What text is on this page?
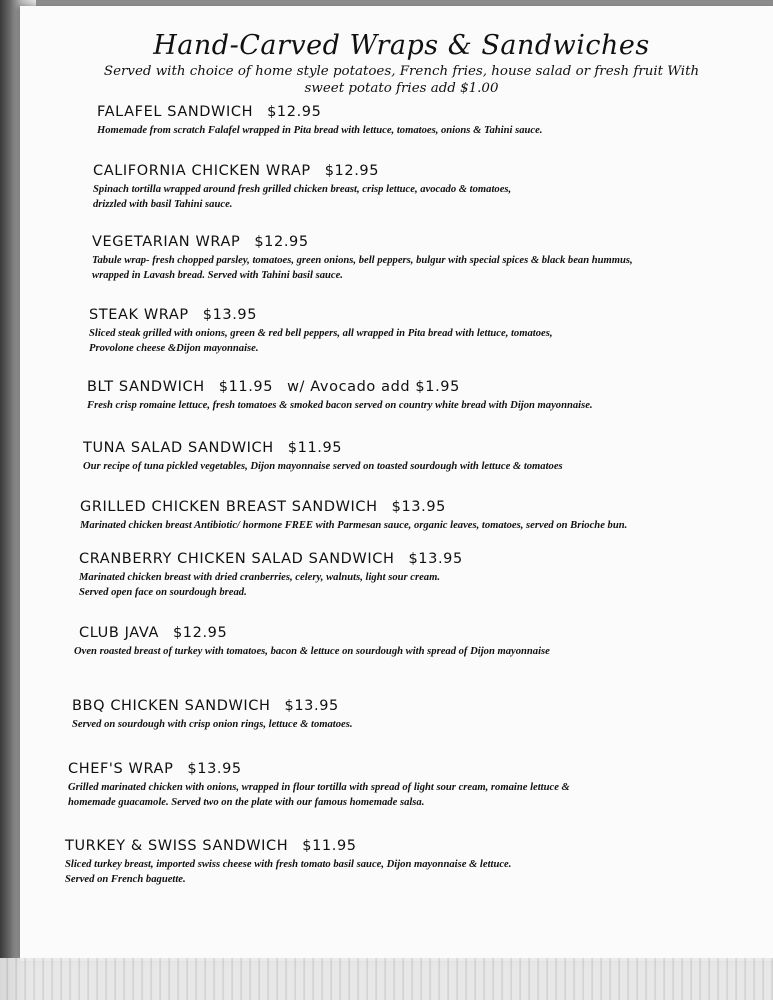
Hand-Carved Wraps & Sandwiches
Served with choice of home style potatoes, French fries, house salad or fresh fruit With
sweet potato fries add $1.00
FALAFEL SANDWICH $12.95
Homemade from scratch Falafel wrapped in Pita bread with lettuce, tomatoes, onions & Tahini sauce.
CALIFORNIA CHICKEN WRAP $12.95
Spinach tortilla wrapped around fresh grilled chicken breast, crisp lettuce, avocado & tomatoes,
drizzled with basil Tahini sauce.
VEGETARIAN WRAP $12.95
Tabule wrap- fresh chopped parsley, tomatoes, green onions, bell peppers, bulgur with special spices & black bean hummus,
wrapped in Lavash bread. Served with Tahini basil sauce.
STEAK WRAP $13.95
Sliced steak grilled with onions, green & red bell peppers, all wrapped in Pita bread with lettuce, tomatoes,
Provolone cheese &Dijon mayonnaise.
BLT SANDWICH $11.95 w/ Avocado add $1.95
Fresh crisp romaine lettuce, fresh tomatoes & smoked bacon served on country white bread with Dijon mayonnaise.
TUNA SALAD SANDWICH $11.95
Our recipe of tuna pickled vegetables, Dijon mayonnaise served on toasted sourdough with lettuce & tomatoes
GRILLED CHICKEN BREAST SANDWICH $13.95
Marinated chicken breast Antibiotic/ hormone FREE with Parmesan sauce, organic leaves, tomatoes, served on Brioche bun.
CRANBERRY CHICKEN SALAD SANDWICH $13.95
Marinated chicken breast with dried cranberries, celery, walnuts, light sour cream.
Served open face on sourdough bread.
CLUB JAVA $12.95
Oven roasted breast of turkey with tomatoes, bacon & lettuce on sourdough with spread of Dijon mayonnaise
BBQ CHICKEN SANDWICH $13.95
Served on sourdough with crisp onion rings, lettuce & tomatoes.
CHEF'S WRAP $13.95
Grilled marinated chicken with onions, wrapped in flour tortilla with spread of light sour cream, romaine lettuce &
homemade guacamole. Served two on the plate with our famous homemade salsa.
TURKEY & SWISS SANDWICH $11.95
Sliced turkey breast, imported swiss cheese with fresh tomato basil sauce, Dijon mayonnaise & lettuce.
Served on French baguette.
